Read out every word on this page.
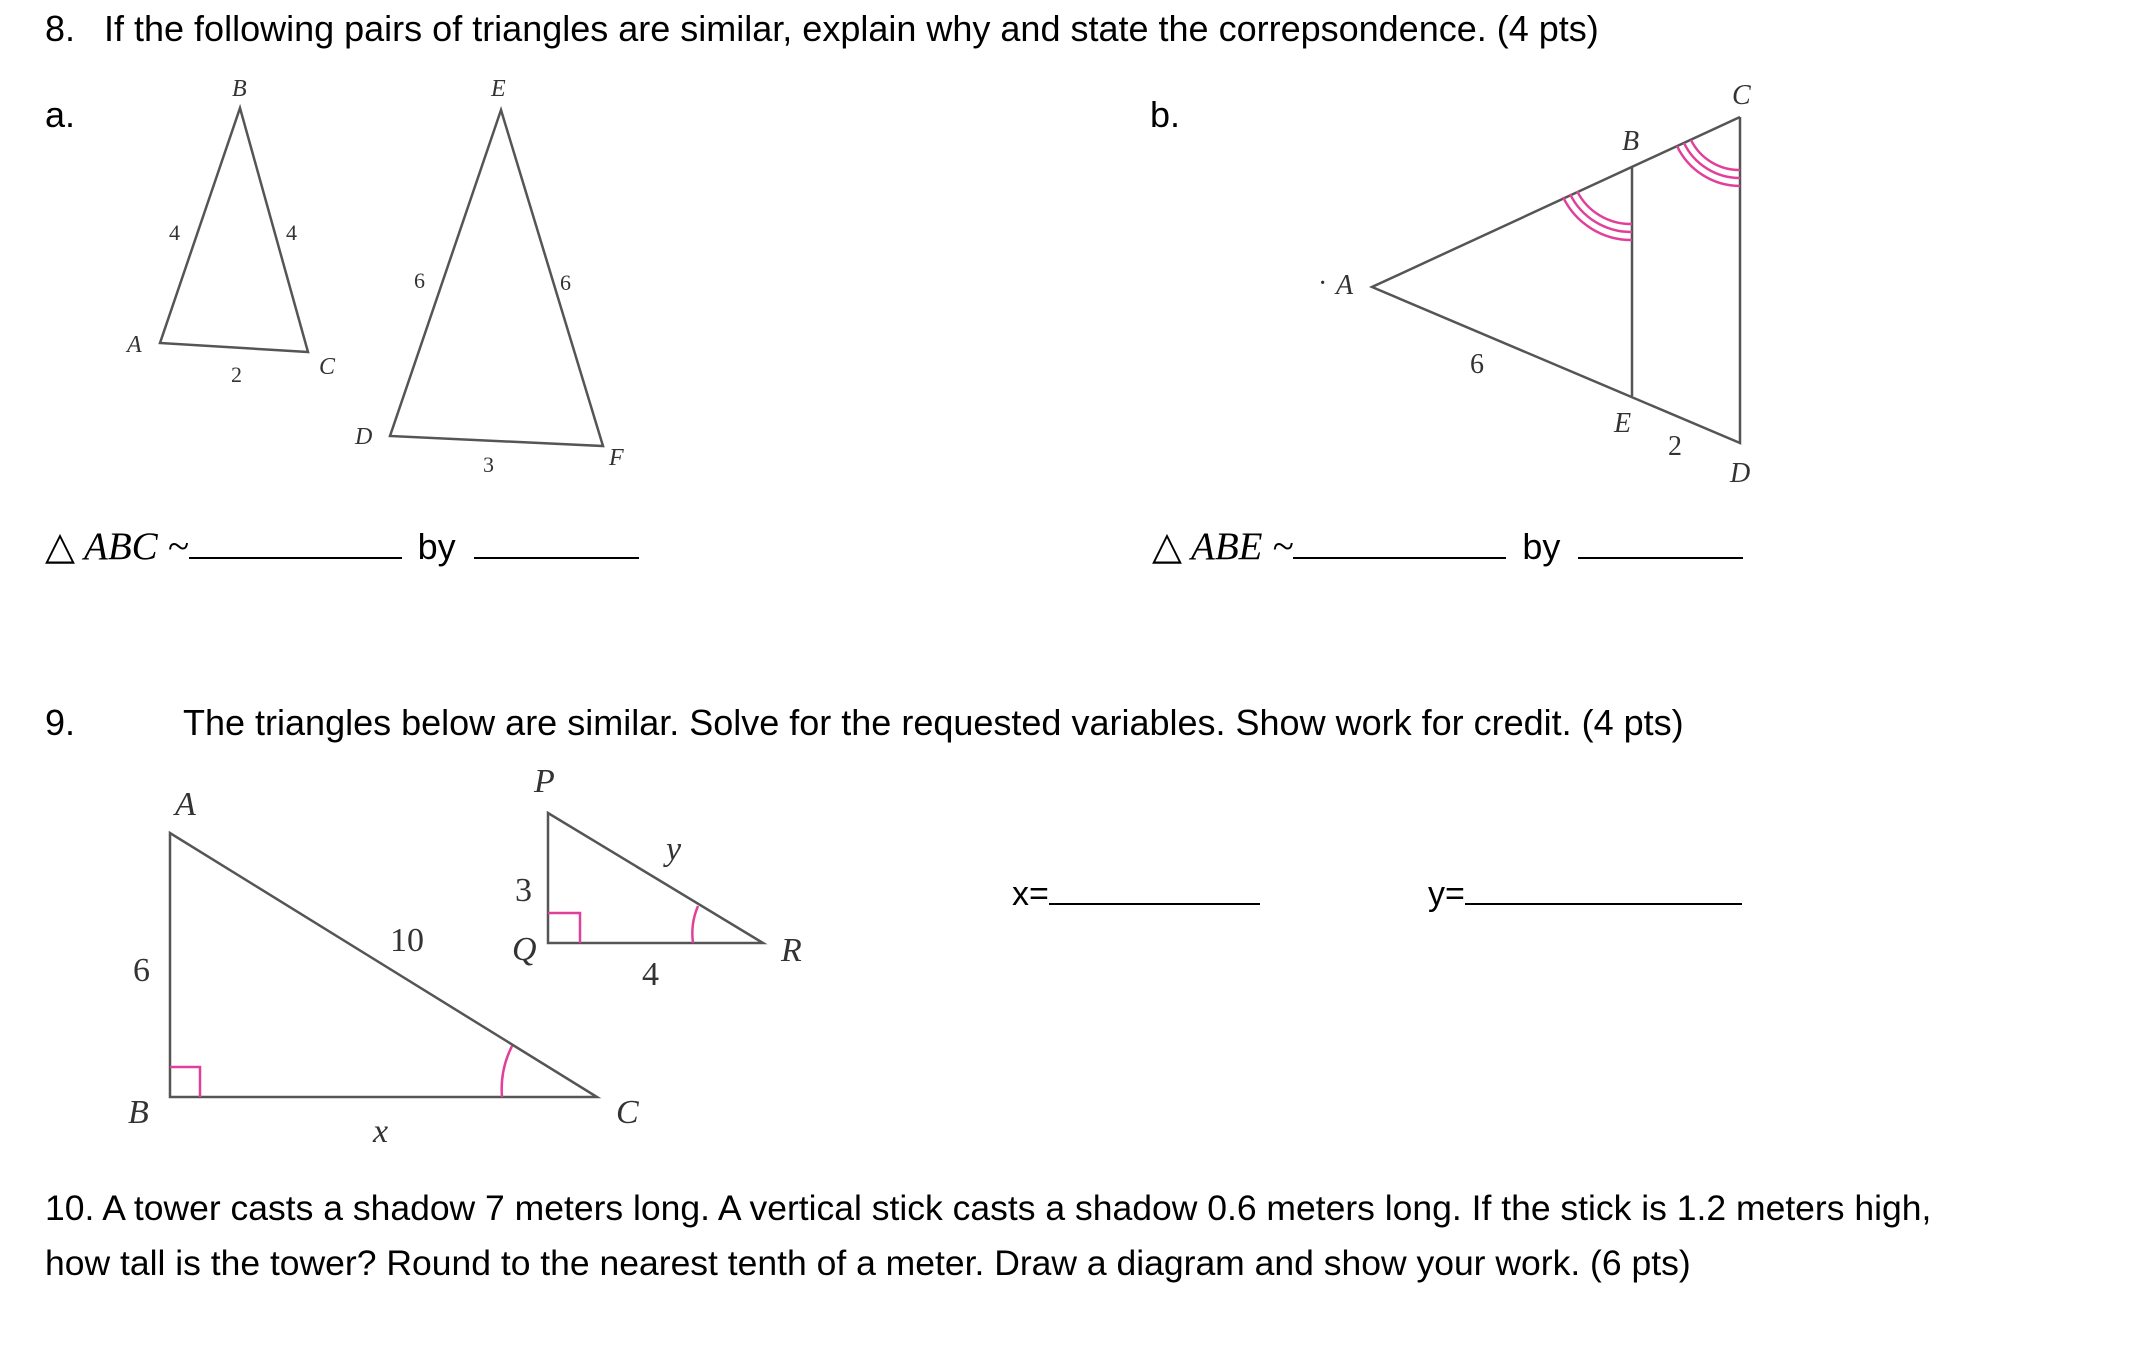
8. If the following pairs of triangles are similar, explain why and state the correpsondence. (4 pts)
a.	b.
B
A
C
4	4
2
E
D
F
6	6
3
C
B
· A
E
D
6
2
△ ABC ~	by	△ ABE ~	by
9.	The triangles below are similar. Solve for the requested variables. Show work for credit. (4 pts)
A
B	C
6
10
x
P
Q	R
3
4
y
x=	y=
10. A tower casts a shadow 7 meters long. A vertical stick casts a shadow 0.6 meters long. If the stick is 1.2 meters high,
how tall is the tower? Round to the nearest tenth of a meter. Draw a diagram and show your work. (6 pts)
